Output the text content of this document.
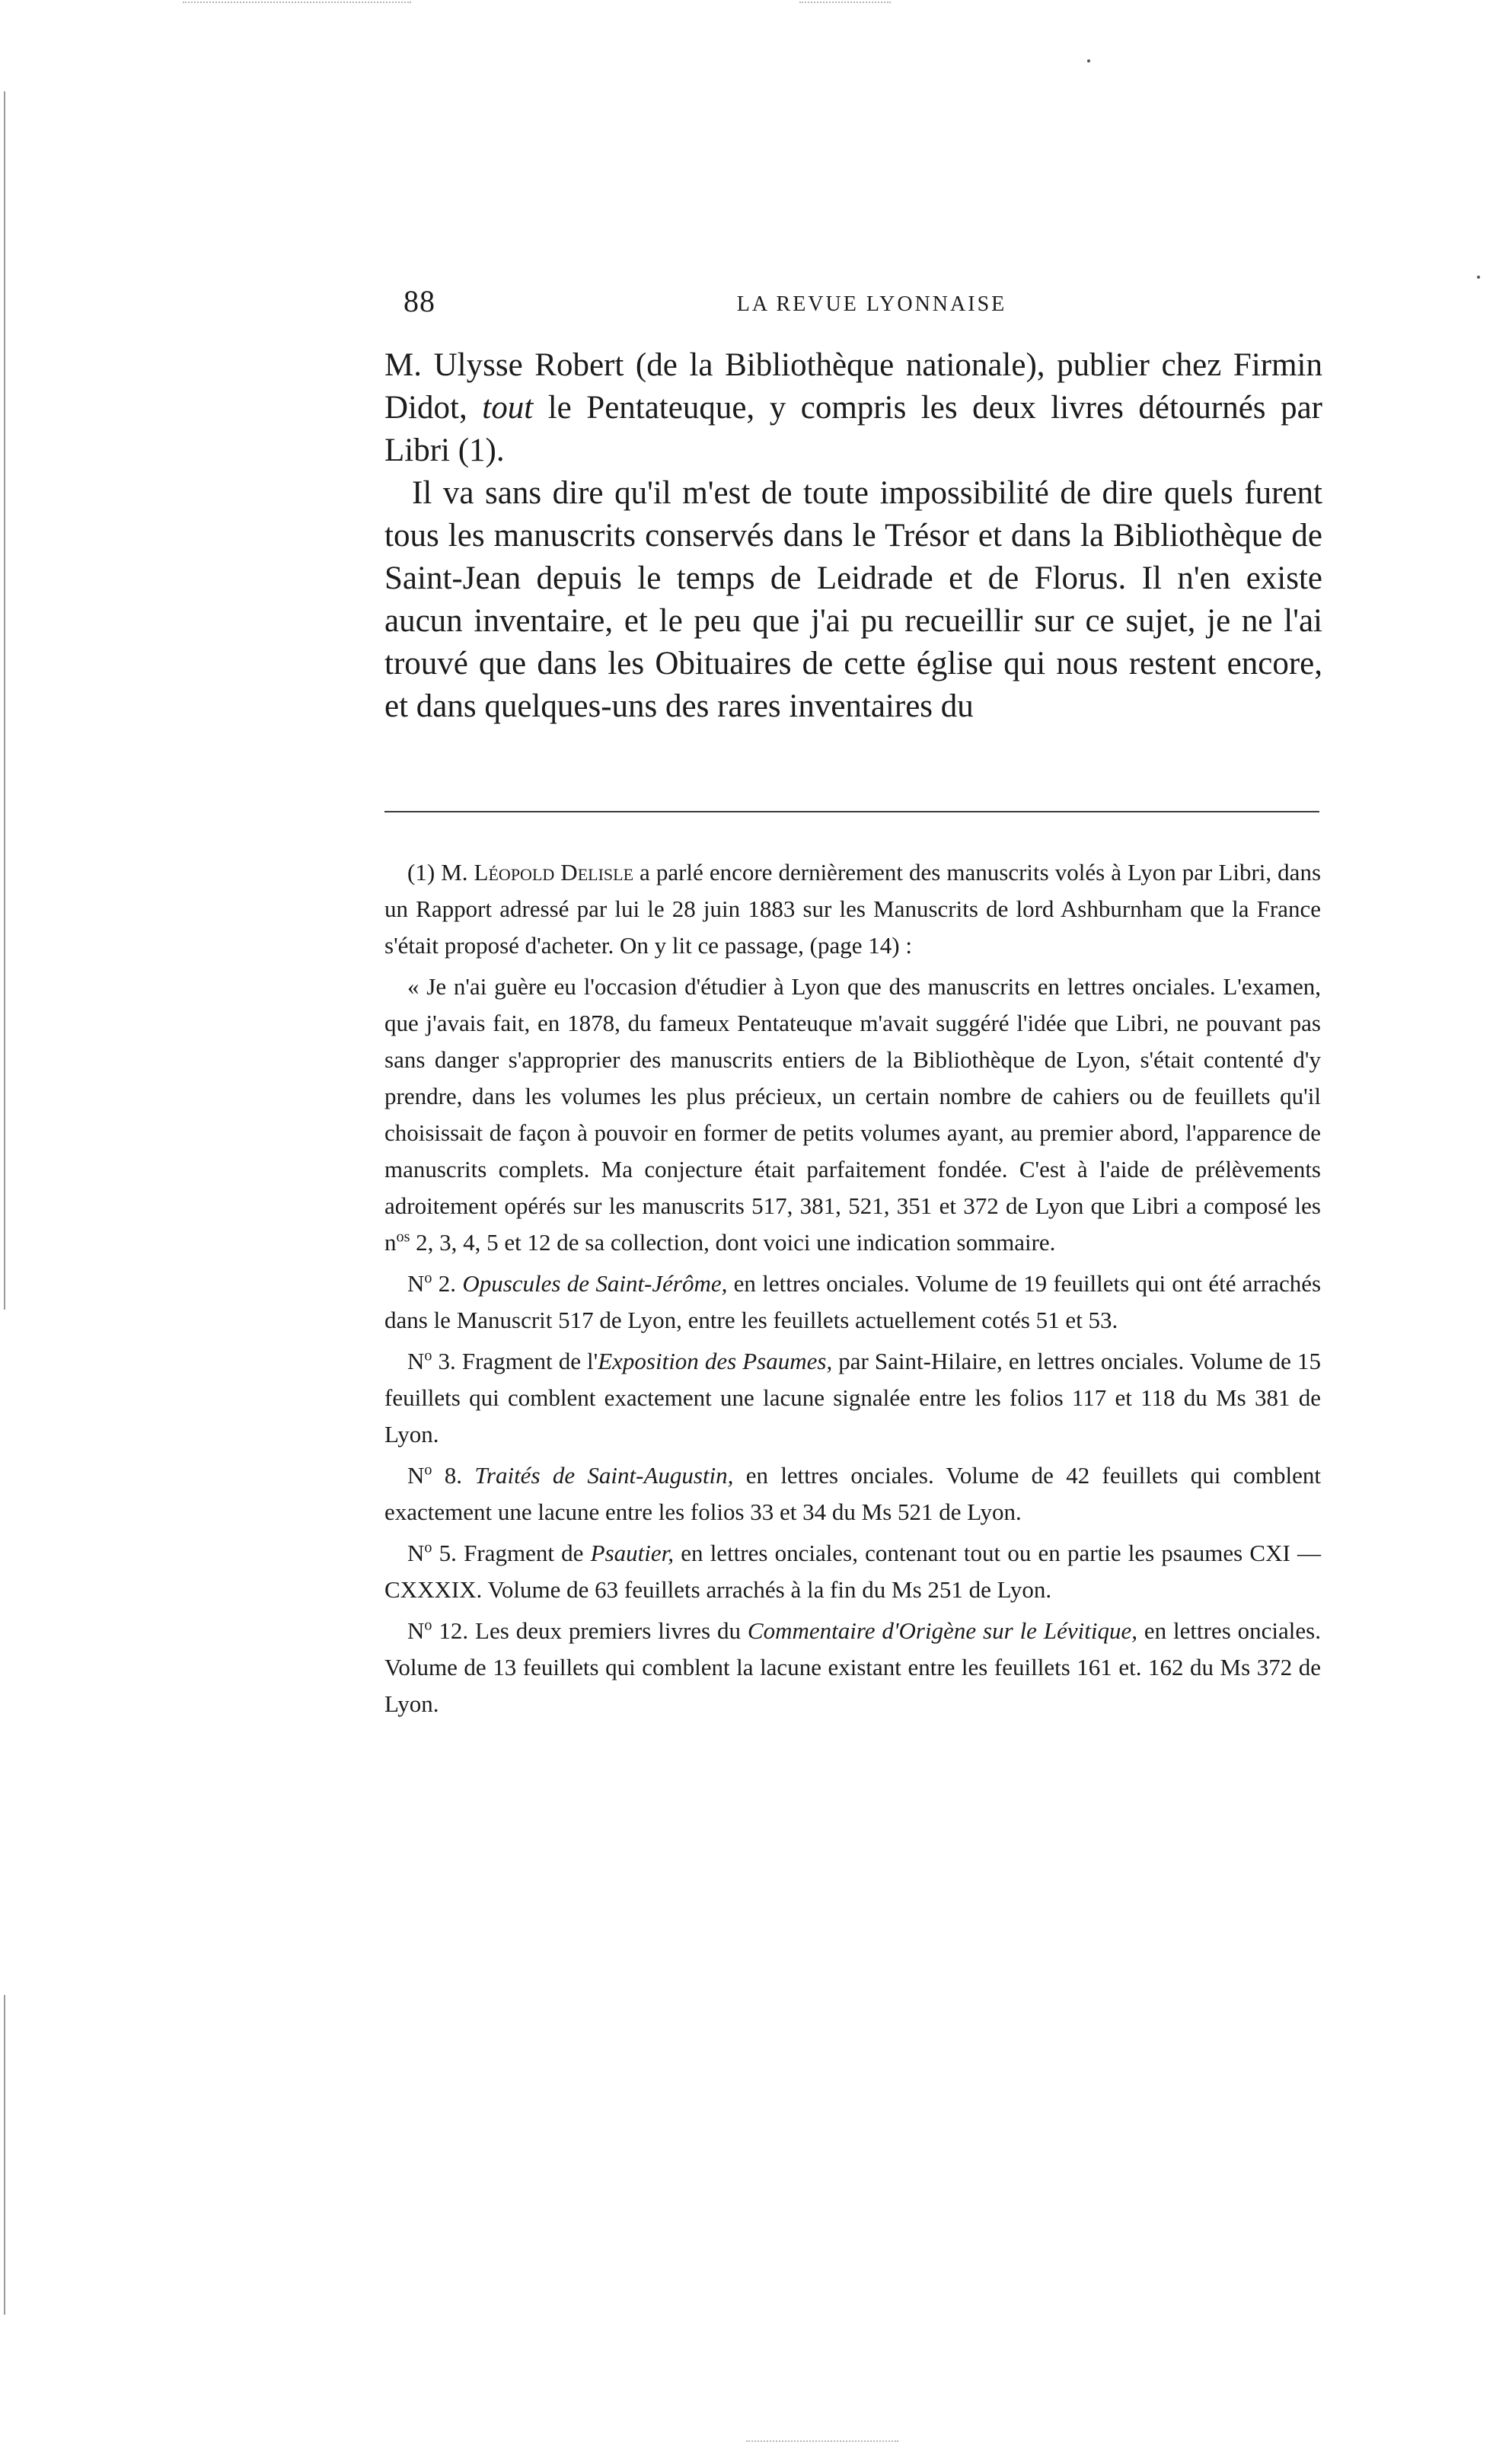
88	LA REVUE LYONNAISE

M. Ulysse Robert (de la Bibliothèque nationale), publier chez Firmin Didot, tout le Pentateuque, y compris les deux livres détournés par Libri (1).

Il va sans dire qu'il m'est de toute impossibilité de dire quels furent tous les manuscrits conservés dans le Trésor et dans la Bibliothèque de Saint-Jean depuis le temps de Leidrade et de Florus. Il n'en existe aucun inventaire, et le peu que j'ai pu recueillir sur ce sujet, je ne l'ai trouvé que dans les Obituaires de cette église qui nous restent encore, et dans quelques-uns des rares inventaires du

(1) M. Léopold Delisle a parlé encore dernièrement des manuscrits volés à Lyon par Libri, dans un Rapport adressé par lui le 28 juin 1883 sur les Manuscrits de lord Ashburnham que la France s'était proposé d'acheter. On y lit ce passage, (page 14) :

« Je n'ai guère eu l'occasion d'étudier à Lyon que des manuscrits en lettres onciales. L'examen, que j'avais fait, en 1878, du fameux Pentateuque m'avait suggéré l'idée que Libri, ne pouvant pas sans danger s'approprier des manuscrits entiers de la Bibliothèque de Lyon, s'était contenté d'y prendre, dans les volumes les plus précieux, un certain nombre de cahiers ou de feuillets qu'il choisissait de façon à pouvoir en former de petits volumes ayant, au premier abord, l'apparence de manuscrits complets. Ma conjecture était parfaitement fondée. C'est à l'aide de prélèvements adroitement opérés sur les manuscrits 517, 381, 521, 351 et 372 de Lyon que Libri a composé les $n^{os}$ 2, 3, 4, 5 et 12 de sa collection, dont voici une indication sommaire.

$N^o$ 2. Opuscules de Saint-Jérôme, en lettres onciales. Volume de 19 feuillets qui ont été arrachés dans le Manuscrit 517 de Lyon, entre les feuillets actuellement cotés 51 et 53.

$N^o$ 3. Fragment de l'Exposition des Psaumes, par Saint-Hilaire, en lettres onciales. Volume de 15 feuillets qui comblent exactement une lacune signalée entre les folios 117 et 118 du Ms 381 de Lyon.

$N^o$ 8. Traités de Saint-Augustin, en lettres onciales. Volume de 42 feuillets qui comblent exactement une lacune entre les folios 33 et 34 du Ms 521 de Lyon.

$N^o$ 5. Fragment de Psautier, en lettres onciales, contenant tout ou en partie les psaumes CXI — CXXXIX. Volume de 63 feuillets arrachés à la fin du Ms 251 de Lyon.

$N^o$ 12. Les deux premiers livres du Commentaire d'Origène sur le Lévitique, en lettres onciales. Volume de 13 feuillets qui comblent la lacune existant entre les feuillets 161 et. 162 du Ms 372 de Lyon.
